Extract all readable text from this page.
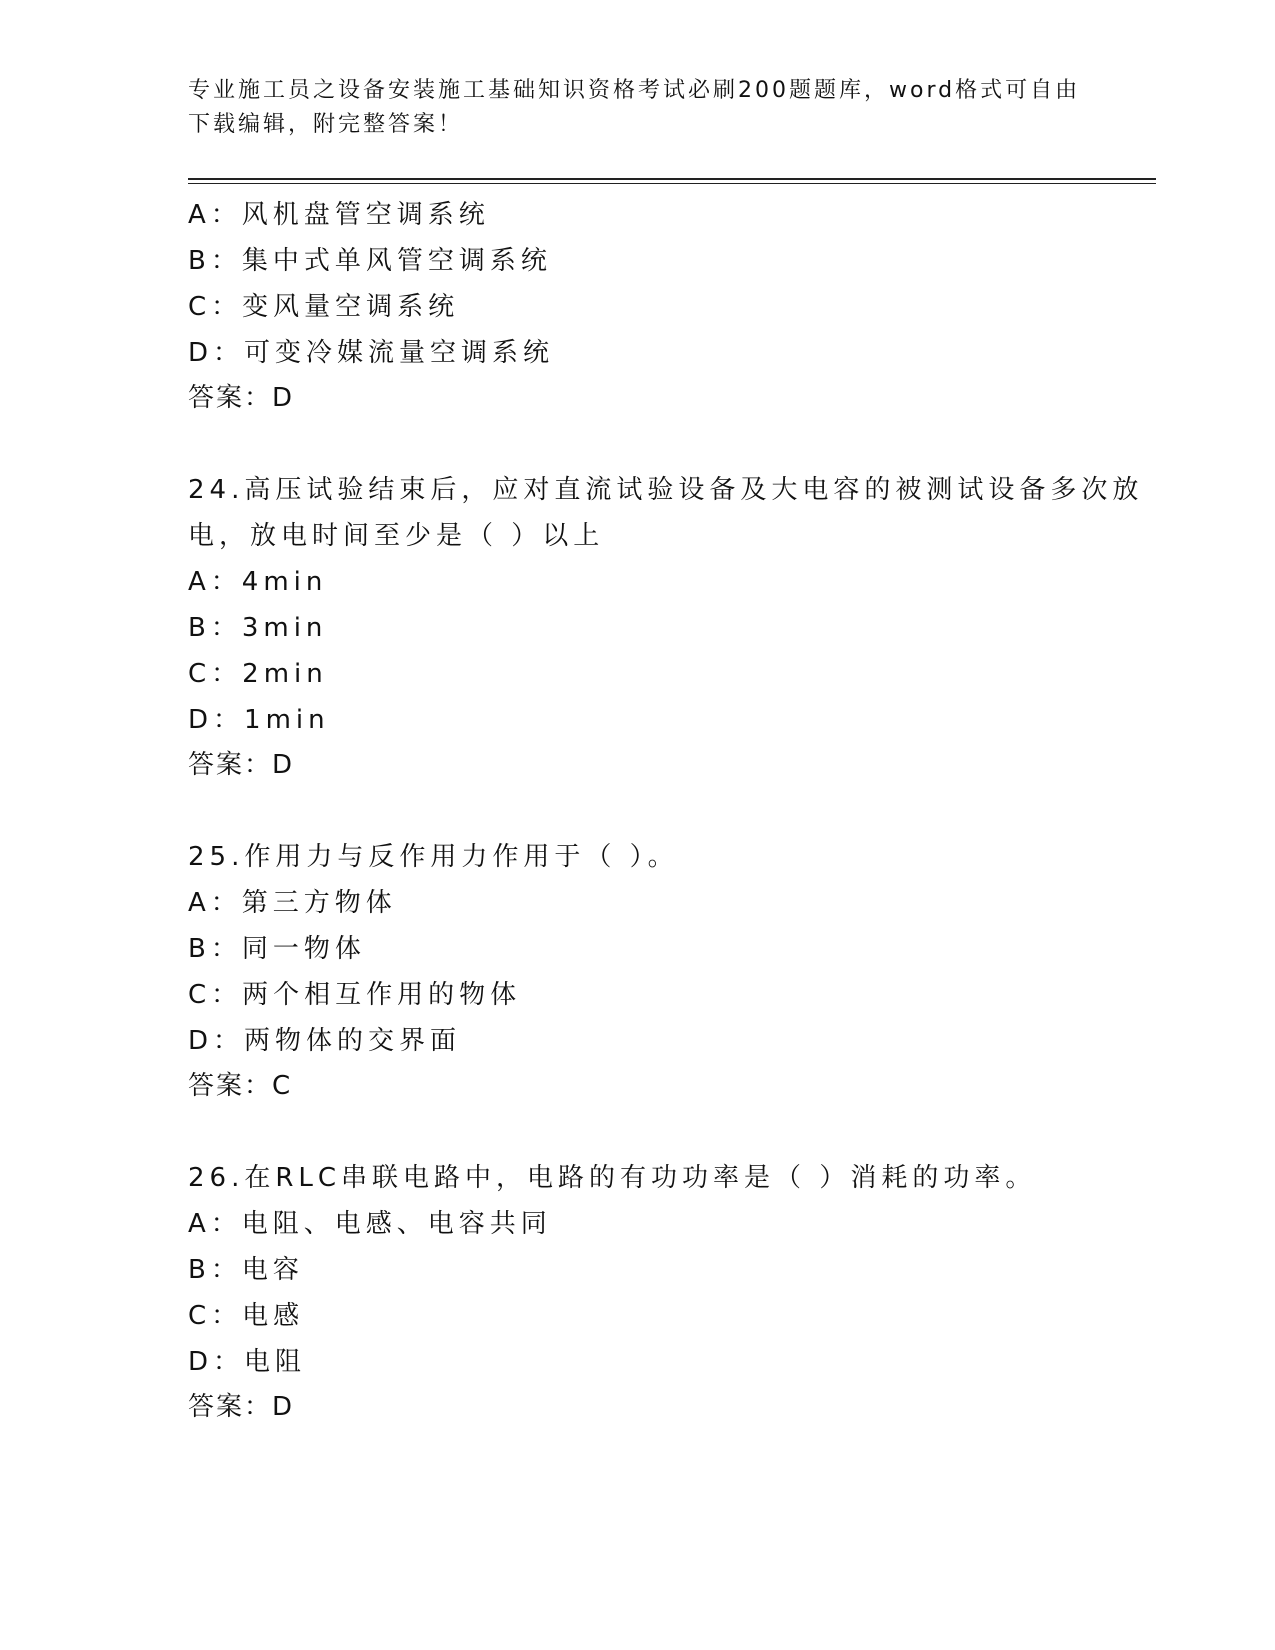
专业施工员之设备安装施工基础知识资格考试必刷200题题库，word格式可自由
下载编辑，附完整答案！
A：风机盘管空调系统
B：集中式单风管空调系统
C：变风量空调系统
D：可变冷媒流量空调系统
答案：D
24.高压试验结束后，应对直流试验设备及大电容的被测试设备多次放
电，放电时间至少是（ ）以上
A：4min
B：3min
C：2min
D：1min
答案：D
25.作用力与反作用力作用于（ ）。
A：第三方物体
B：同一物体
C：两个相互作用的物体
D：两物体的交界面
答案：C
26.在RLC串联电路中，电路的有功功率是（ ）消耗的功率。
A：电阻、电感、电容共同
B：电容
C：电感
D：电阻
答案：D
